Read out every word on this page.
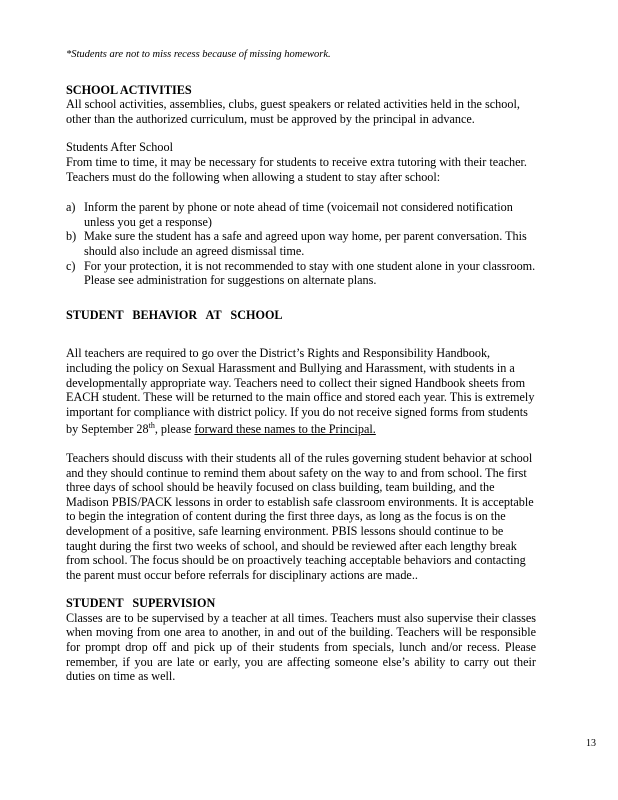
*Students are not to miss recess because of missing homework.

SCHOOL ACTIVITIES

All school activities, assemblies, clubs, guest speakers or related activities held in the school, other than the authorized curriculum, must be approved by the principal in advance.

Students After School

From time to time, it may be necessary for students to receive extra tutoring with their teacher. Teachers must do the following when allowing a student to stay after school:

a) Inform the parent by phone or note ahead of time (voicemail not considered notification unless you get a response)
b) Make sure the student has a safe and agreed upon way home, per parent conversation. This should also include an agreed dismissal time.
c) For your protection, it is not recommended to stay with one student alone in your classroom. Please see administration for suggestions on alternate plans.

STUDENT BEHAVIOR AT SCHOOL

All teachers are required to go over the District’s Rights and Responsibility Handbook, including the policy on Sexual Harassment and Bullying and Harassment, with students in a developmentally appropriate way. Teachers need to collect their signed Handbook sheets from EACH student. These will be returned to the main office and stored each year. This is extremely important for compliance with district policy. If you do not receive signed forms from students by September 28th, please forward these names to the Principal.

Teachers should discuss with their students all of the rules governing student behavior at school and they should continue to remind them about safety on the way to and from school. The first three days of school should be heavily focused on class building, team building, and the Madison PBIS/PACK lessons in order to establish safe classroom environments. It is acceptable to begin the integration of content during the first three days, as long as the focus is on the development of a positive, safe learning environment. PBIS lessons should continue to be taught during the first two weeks of school, and should be reviewed after each lengthy break from school. The focus should be on proactively teaching acceptable behaviors and contacting the parent must occur before referrals for disciplinary actions are made..

STUDENT SUPERVISION

Classes are to be supervised by a teacher at all times. Teachers must also supervise their classes when moving from one area to another, in and out of the building. Teachers will be responsible for prompt drop off and pick up of their students from specials, lunch and/or recess. Please remember, if you are late or early, you are affecting someone else’s ability to carry out their duties on time as well.

13
